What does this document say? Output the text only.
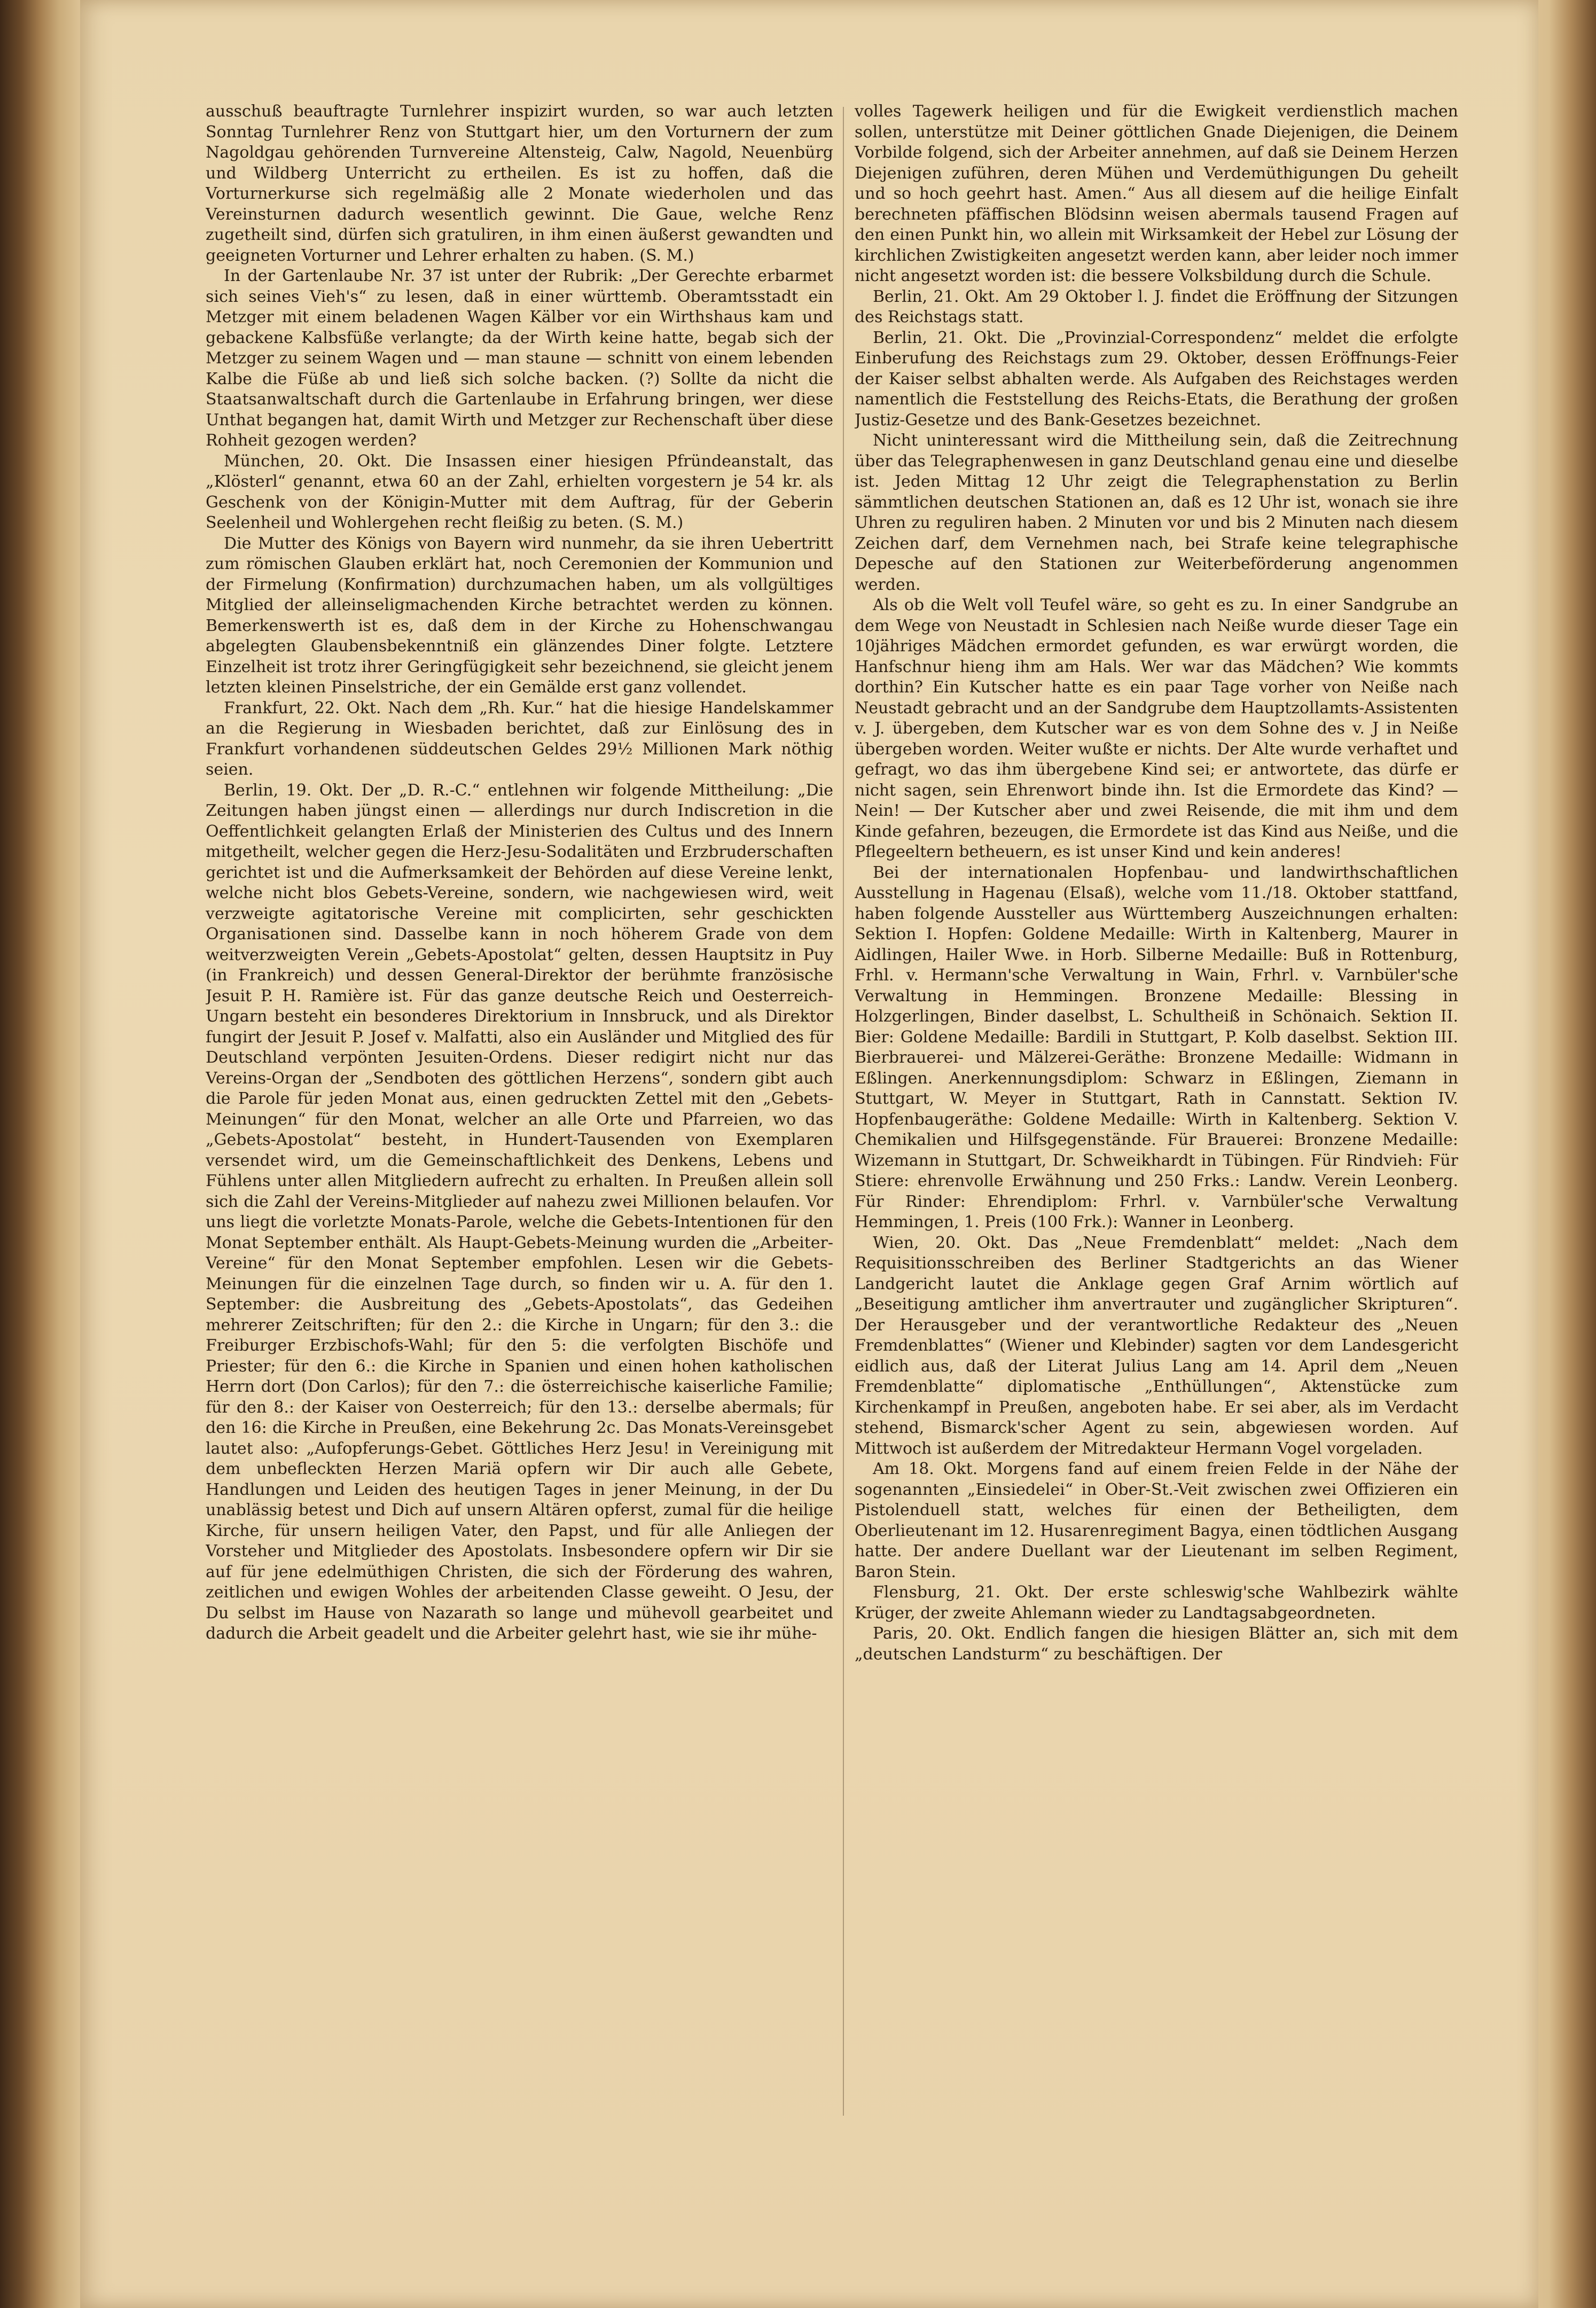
ausschuß beauftragte Turnlehrer inspizirt wurden, so war auch letzten Sonntag Turnlehrer Renz von Stuttgart hier, um den Vorturnern der zum Nagoldgau gehörenden Turnvereine Altensteig, Calw, Nagold, Neuenbürg und Wildberg Unterricht zu ertheilen. Es ist zu hoffen, daß die Vorturnerkurse sich regelmäßig alle 2 Monate wiederholen und das Vereinsturnen dadurch wesentlich gewinnt. Die Gaue, welche Renz zugetheilt sind, dürfen sich gratuliren, in ihm einen äußerst gewandten und geeigneten Vorturner und Lehrer erhalten zu haben. (S. M.)

In der Gartenlaube Nr. 37 ist unter der Rubrik: „Der Gerechte erbarmet sich seines Vieh's“ zu lesen, daß in einer württemb. Oberamtsstadt ein Metzger mit einem beladenen Wagen Kälber vor ein Wirthshaus kam und gebackene Kalbsfüße verlangte; da der Wirth keine hatte, begab sich der Metzger zu seinem Wagen und — man staune — schnitt von einem lebenden Kalbe die Füße ab und ließ sich solche backen. (?) Sollte da nicht die Staatsanwaltschaft durch die Gartenlaube in Erfahrung bringen, wer diese Unthat begangen hat, damit Wirth und Metzger zur Rechenschaft über diese Rohheit gezogen werden?

München, 20. Okt. Die Insassen einer hiesigen Pfründeanstalt, das „Klösterl“ genannt, etwa 60 an der Zahl, erhielten vorgestern je 54 kr. als Geschenk von der Königin-Mutter mit dem Auftrag, für der Geberin Seelenheil und Wohlergehen recht fleißig zu beten. (S. M.)

Die Mutter des Königs von Bayern wird nunmehr, da sie ihren Uebertritt zum römischen Glauben erklärt hat, noch Ceremonien der Kommunion und der Firmelung (Konfirmation) durchzumachen haben, um als vollgültiges Mitglied der alleinseligmachenden Kirche betrachtet werden zu können. Bemerkenswerth ist es, daß dem in der Kirche zu Hohenschwangau abgelegten Glaubensbekenntniß ein glänzendes Diner folgte. Letztere Einzelheit ist trotz ihrer Geringfügigkeit sehr bezeichnend, sie gleicht jenem letzten kleinen Pinselstriche, der ein Gemälde erst ganz vollendet.

Frankfurt, 22. Okt. Nach dem „Rh. Kur.“ hat die hiesige Handelskammer an die Regierung in Wiesbaden berichtet, daß zur Einlösung des in Frankfurt vorhandenen süddeutschen Geldes 29½ Millionen Mark nöthig seien.

Berlin, 19. Okt. Der „D. R.-C.“ entlehnen wir folgende Mittheilung: „Die Zeitungen haben jüngst einen — allerdings nur durch Indiscretion in die Oeffentlichkeit gelangten Erlaß der Ministerien des Cultus und des Innern mitgetheilt, welcher gegen die Herz-Jesu-Sodalitäten und Erzbruderschaften gerichtet ist und die Aufmerksamkeit der Behörden auf diese Vereine lenkt, welche nicht blos Gebets-Vereine, sondern, wie nachgewiesen wird, weit verzweigte agitatorische Vereine mit complicirten, sehr geschickten Organisationen sind. Dasselbe kann in noch höherem Grade von dem weitverzweigten Verein „Gebets-Apostolat“ gelten, dessen Hauptsitz in Puy (in Frankreich) und dessen General-Direktor der berühmte französische Jesuit P. H. Ramière ist. Für das ganze deutsche Reich und Oesterreich-Ungarn besteht ein besonderes Direktorium in Innsbruck, und als Direktor fungirt der Jesuit P. Josef v. Malfatti, also ein Ausländer und Mitglied des für Deutschland verpönten Jesuiten-Ordens. Dieser redigirt nicht nur das Vereins-Organ der „Sendboten des göttlichen Herzens“, sondern gibt auch die Parole für jeden Monat aus, einen gedruckten Zettel mit den „Gebets-Meinungen“ für den Monat, welcher an alle Orte und Pfarreien, wo das „Gebets-Apostolat“ besteht, in Hundert-Tausenden von Exemplaren versendet wird, um die Gemeinschaftlichkeit des Denkens, Lebens und Fühlens unter allen Mitgliedern aufrecht zu erhalten. In Preußen allein soll sich die Zahl der Vereins-Mitglieder auf nahezu zwei Millionen belaufen. Vor uns liegt die vorletzte Monats-Parole, welche die Gebets-Intentionen für den Monat September enthält. Als Haupt-Gebets-Meinung wurden die „Arbeiter-Vereine“ für den Monat September empfohlen. Lesen wir die Gebets-Meinungen für die einzelnen Tage durch, so finden wir u. A. für den 1. September: die Ausbreitung des „Gebets-Apostolats“, das Gedeihen mehrerer Zeitschriften; für den 2.: die Kirche in Ungarn; für den 3.: die Freiburger Erzbischofs-Wahl; für den 5: die verfolgten Bischöfe und Priester; für den 6.: die Kirche in Spanien und einen hohen katholischen Herrn dort (Don Carlos); für den 7.: die österreichische kaiserliche Familie; für den 8.: der Kaiser von Oesterreich; für den 13.: derselbe abermals; für den 16: die Kirche in Preußen, eine Bekehrung 2c. Das Monats-Vereinsgebet lautet also: „Aufopferungs-Gebet. Göttliches Herz Jesu! in Vereinigung mit dem unbefleckten Herzen Mariä opfern wir Dir auch alle Gebete, Handlungen und Leiden des heutigen Tages in jener Meinung, in der Du unablässig betest und Dich auf unsern Altären opferst, zumal für die heilige Kirche, für unsern heiligen Vater, den Papst, und für alle Anliegen der Vorsteher und Mitglieder des Apostolats. Insbesondere opfern wir Dir sie auf für jene edelmüthigen Christen, die sich der Förderung des wahren, zeitlichen und ewigen Wohles der arbeitenden Classe geweiht. O Jesu, der Du selbst im Hause von Nazarath so lange und mühevoll gearbeitet und dadurch die Arbeit geadelt und die Arbeiter gelehrt hast, wie sie ihr mühe-

volles Tagewerk heiligen und für die Ewigkeit verdienstlich machen sollen, unterstütze mit Deiner göttlichen Gnade Diejenigen, die Deinem Vorbilde folgend, sich der Arbeiter annehmen, auf daß sie Deinem Herzen Diejenigen zuführen, deren Mühen und Verdemüthigungen Du geheilt und so hoch geehrt hast. Amen.“ Aus all diesem auf die heilige Einfalt berechneten pfäffischen Blödsinn weisen abermals tausend Fragen auf den einen Punkt hin, wo allein mit Wirksamkeit der Hebel zur Lösung der kirchlichen Zwistigkeiten angesetzt werden kann, aber leider noch immer nicht angesetzt worden ist: die bessere Volksbildung durch die Schule.

Berlin, 21. Okt. Am 29 Oktober l. J. findet die Eröffnung der Sitzungen des Reichstags statt.

Berlin, 21. Okt. Die „Provinzial-Correspondenz“ meldet die erfolgte Einberufung des Reichstags zum 29. Oktober, dessen Eröffnungs-Feier der Kaiser selbst abhalten werde. Als Aufgaben des Reichstages werden namentlich die Feststellung des Reichs-Etats, die Berathung der großen Justiz-Gesetze und des Bank-Gesetzes bezeichnet.

Nicht uninteressant wird die Mittheilung sein, daß die Zeitrechnung über das Telegraphenwesen in ganz Deutschland genau eine und dieselbe ist. Jeden Mittag 12 Uhr zeigt die Telegraphenstation zu Berlin sämmtlichen deutschen Stationen an, daß es 12 Uhr ist, wonach sie ihre Uhren zu reguliren haben. 2 Minuten vor und bis 2 Minuten nach diesem Zeichen darf, dem Vernehmen nach, bei Strafe keine telegraphische Depesche auf den Stationen zur Weiterbeförderung angenommen werden.

Als ob die Welt voll Teufel wäre, so geht es zu. In einer Sandgrube an dem Wege von Neustadt in Schlesien nach Neiße wurde dieser Tage ein 10jähriges Mädchen ermordet gefunden, es war erwürgt worden, die Hanfschnur hieng ihm am Hals. Wer war das Mädchen? Wie kommts dorthin? Ein Kutscher hatte es ein paar Tage vorher von Neiße nach Neustadt gebracht und an der Sandgrube dem Hauptzollamts-Assistenten v. J. übergeben, dem Kutscher war es von dem Sohne des v. J in Neiße übergeben worden. Weiter wußte er nichts. Der Alte wurde verhaftet und gefragt, wo das ihm übergebene Kind sei; er antwortete, das dürfe er nicht sagen, sein Ehrenwort binde ihn. Ist die Ermordete das Kind? — Nein! — Der Kutscher aber und zwei Reisende, die mit ihm und dem Kinde gefahren, bezeugen, die Ermordete ist das Kind aus Neiße, und die Pflegeeltern betheuern, es ist unser Kind und kein anderes!

Bei der internationalen Hopfenbau- und landwirthschaftlichen Ausstellung in Hagenau (Elsaß), welche vom 11./18. Oktober stattfand, haben folgende Aussteller aus Württemberg Auszeichnungen erhalten: Sektion I. Hopfen: Goldene Medaille: Wirth in Kaltenberg, Maurer in Aidlingen, Hailer Wwe. in Horb. Silberne Medaille: Buß in Rottenburg, Frhl. v. Hermann'sche Verwaltung in Wain, Frhrl. v. Varnbüler'sche Verwaltung in Hemmingen. Bronzene Medaille: Blessing in Holzgerlingen, Binder daselbst, L. Schultheiß in Schönaich. Sektion II. Bier: Goldene Medaille: Bardili in Stuttgart, P. Kolb daselbst. Sektion III. Bierbrauerei- und Mälzerei-Geräthe: Bronzene Medaille: Widmann in Eßlingen. Anerkennungsdiplom: Schwarz in Eßlingen, Ziemann in Stuttgart, W. Meyer in Stuttgart, Rath in Cannstatt. Sektion IV. Hopfenbaugeräthe: Goldene Medaille: Wirth in Kaltenberg. Sektion V. Chemikalien und Hilfsgegenstände. Für Brauerei: Bronzene Medaille: Wizemann in Stuttgart, Dr. Schweikhardt in Tübingen. Für Rindvieh: Für Stiere: ehrenvolle Erwähnung und 250 Frks.: Landw. Verein Leonberg. Für Rinder: Ehrendiplom: Frhrl. v. Varnbüler'sche Verwaltung Hemmingen, 1. Preis (100 Frk.): Wanner in Leonberg.

Wien, 20. Okt. Das „Neue Fremdenblatt“ meldet: „Nach dem Requisitionsschreiben des Berliner Stadtgerichts an das Wiener Landgericht lautet die Anklage gegen Graf Arnim wörtlich auf „Beseitigung amtlicher ihm anvertrauter und zugänglicher Skripturen“. Der Herausgeber und der verantwortliche Redakteur des „Neuen Fremdenblattes“ (Wiener und Klebinder) sagten vor dem Landesgericht eidlich aus, daß der Literat Julius Lang am 14. April dem „Neuen Fremdenblatte“ diplomatische „Enthüllungen“, Aktenstücke zum Kirchenkampf in Preußen, angeboten habe. Er sei aber, als im Verdacht stehend, Bismarck'scher Agent zu sein, abgewiesen worden. Auf Mittwoch ist außerdem der Mitredakteur Hermann Vogel vorgeladen.

Am 18. Okt. Morgens fand auf einem freien Felde in der Nähe der sogenannten „Einsiedelei“ in Ober-St.-Veit zwischen zwei Offizieren ein Pistolenduell statt, welches für einen der Betheiligten, dem Oberlieutenant im 12. Husarenregiment Bagya, einen tödtlichen Ausgang hatte. Der andere Duellant war der Lieutenant im selben Regiment, Baron Stein.

Flensburg, 21. Okt. Der erste schleswig'sche Wahlbezirk wählte Krüger, der zweite Ahlemann wieder zu Landtagsabgeordneten.

Paris, 20. Okt. Endlich fangen die hiesigen Blätter an, sich mit dem „deutschen Landsturm“ zu beschäftigen. Der
